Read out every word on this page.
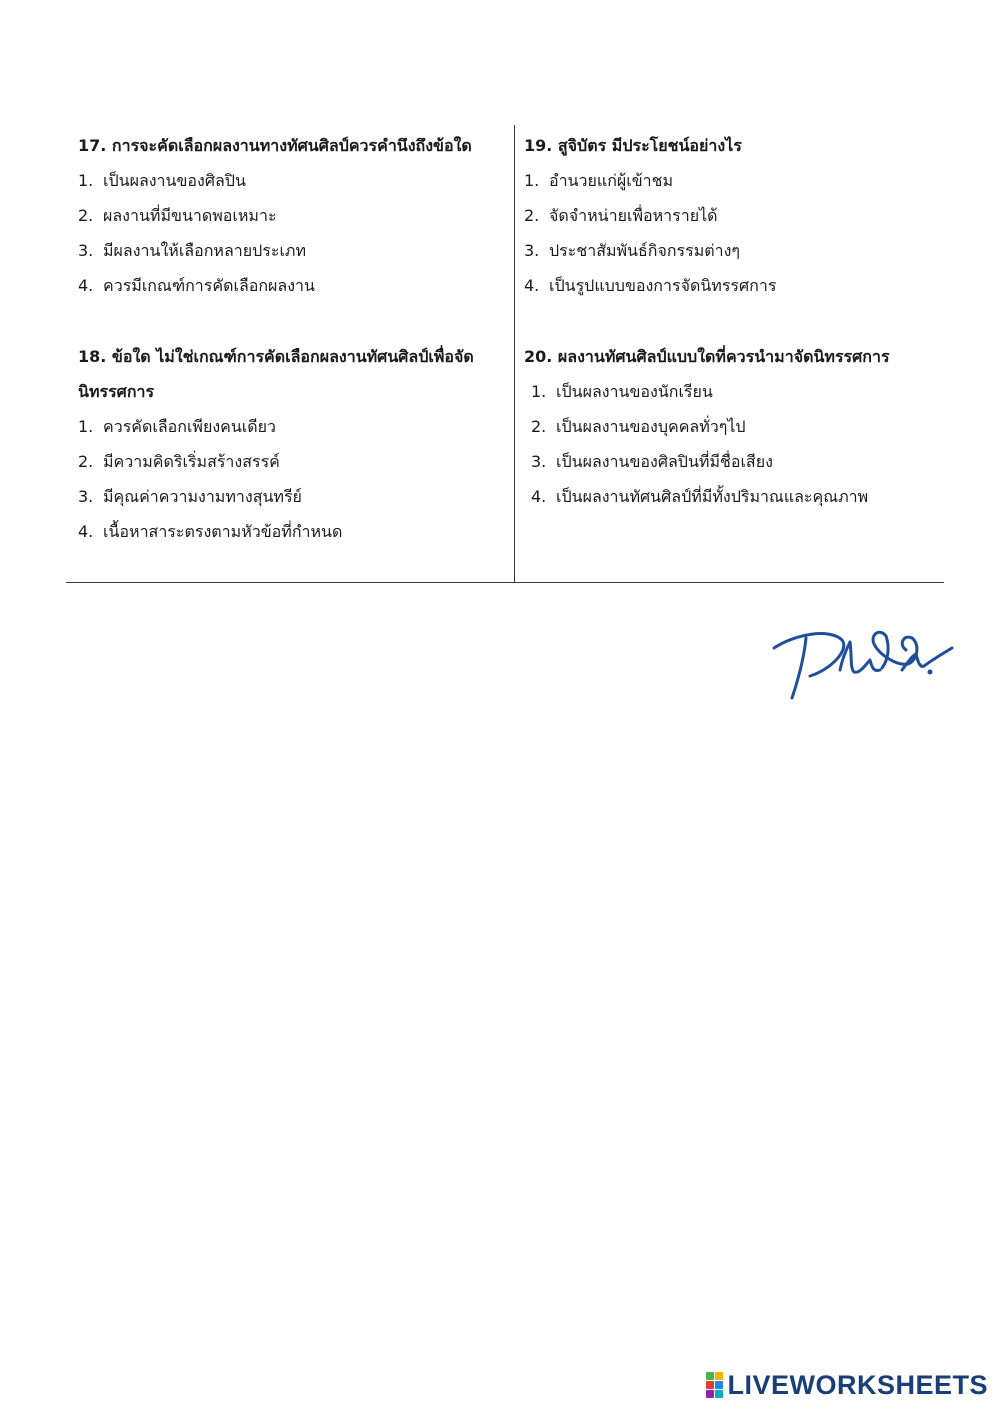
17. การจะคัดเลือกผลงานทางทัศนศิลป์ควรคำนึงถึงข้อใด

1. เป็นผลงานของศิลปิน
2. ผลงานที่มีขนาดพอเหมาะ
3. มีผลงานให้เลือกหลายประเภท
4. ควรมีเกณฑ์การคัดเลือกผลงาน

18. ข้อใด ไม่ใช่เกณฑ์การคัดเลือกผลงานทัศนศิลป์เพื่อจัดนิทรรศการ

1. ควรคัดเลือกเพียงคนเดียว
2. มีความคิดริเริ่มสร้างสรรค์
3. มีคุณค่าความงามทางสุนทรีย์
4. เนื้อหาสาระตรงตามหัวข้อที่กำหนด

19. สูจิบัตร มีประโยชน์อย่างไร

1. อำนวยแก่ผู้เข้าชม
2. จัดจำหน่ายเพื่อหารายได้
3. ประชาสัมพันธ์กิจกรรมต่างๆ
4. เป็นรูปแบบของการจัดนิทรรศการ

20. ผลงานทัศนศิลป์แบบใดที่ควรนำมาจัดนิทรรศการ

1. เป็นผลงานของนักเรียน
2. เป็นผลงานของบุคคลทั่วๆไป
3. เป็นผลงานของศิลปินที่มีชื่อเสียง
4. เป็นผลงานทัศนศิลป์ที่มีทั้งปริมาณและคุณภาพ
LIVEWORKSHEETS
